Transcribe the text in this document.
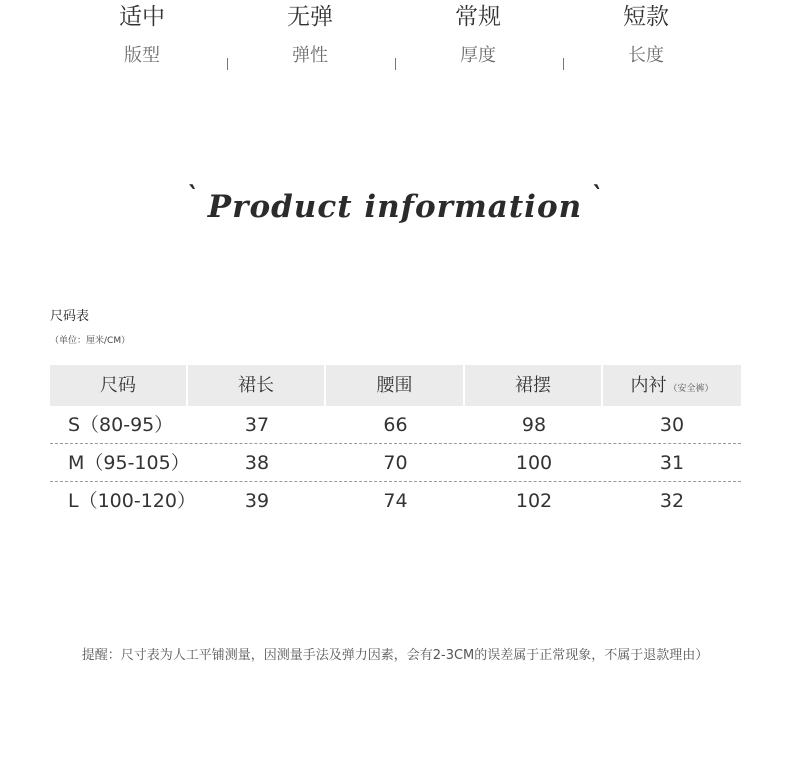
适中
版型
无弹
弹性
常规
厚度
短款
长度
` Product information `
尺码表
（单位：厘米/CM）
尺码	裙长	腰围	裙摆	内衬 （安全裤）
S（80-95）	37	66	98	30
M（95-105）	38	70	100	31
L（100-120）	39	74	102	32
提醒：尺寸表为人工平铺测量，因测量手法及弹力因素，会有2-3CM的误差属于正常现象，不属于退款理由）
